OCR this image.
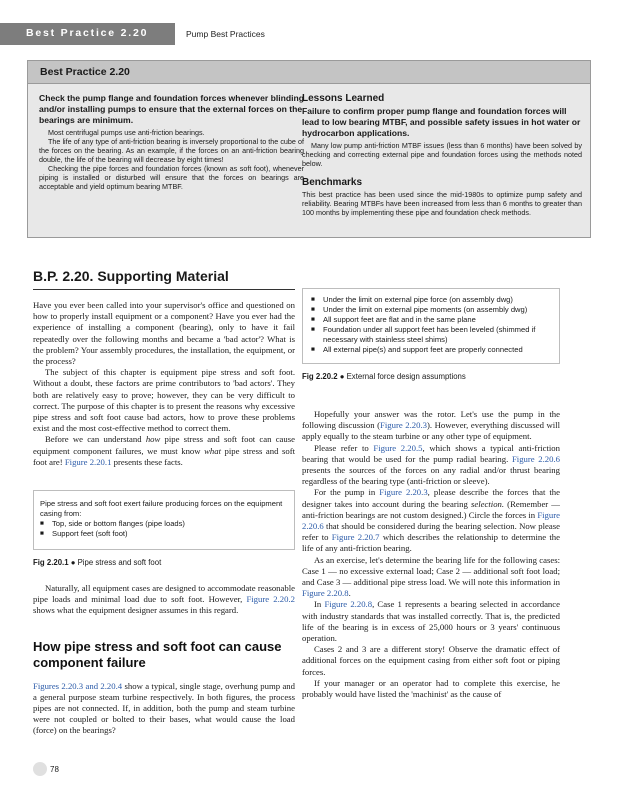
Best Practice 2.20	Pump Best Practices
Best Practice 2.20

Check the pump flange and foundation forces whenever blinding and/or installing pumps to ensure that the external forces on the bearings are minimum.

Most centrifugal pumps use anti-friction bearings.

The life of any type of anti-friction bearing is inversely proportional to the cube of the forces on the bearing. As an example, if the forces on an anti-friction bearing double, the life of the bearing will decrease by eight times!

Checking the pipe forces and foundation forces (known as soft foot), whenever piping is installed or disturbed will ensure that the forces on bearings are acceptable and yield optimum bearing MTBF.

Lessons Learned

Failure to confirm proper pump flange and foundation forces will lead to low bearing MTBF, and possible safety issues in hot water or hydrocarbon applications.

Many low pump anti-friction MTBF issues (less than 6 months) have been solved by checking and correcting external pipe and foundation forces using the methods noted below.

Benchmarks

This best practice has been used since the mid-1980s to optimize pump safety and reliability. Bearing MTBFs have been increased from less than 6 months to greater than 100 months by implementing these pipe and foundation check methods.

B.P. 2.20. Supporting Material

Have you ever been called into your supervisor's office and questioned on how to properly install equipment or a component? Have you ever had the experience of installing a component (bearing), only to have it fail repeatedly over the following months and became a 'bad actor'? What is the problem? Your assembly procedures, the installation, the equipment, or the process?

The subject of this chapter is equipment pipe stress and soft foot. Without a doubt, these factors are prime contributors to 'bad actors'. They both are relatively easy to prove; however, they can be very difficult to correct. The purpose of this chapter is to present the reasons why excessive pipe stress and soft foot cause bad actors, how to prove these problems exist and the most cost-effective method to correct them.

Before we can understand how pipe stress and soft foot can cause equipment component failures, we must know what pipe stress and soft foot are! Figure 2.20.1 presents these facts.

Pipe stress and soft foot exert failure producing forces on the equipment casing from:
■ Top, side or bottom flanges (pipe loads)
■ Support feet (soft foot)

Fig 2.20.1 ● Pipe stress and soft foot

Naturally, all equipment cases are designed to accommodate reasonable pipe loads and minimal load due to soft foot. However, Figure 2.20.2 shows what the equipment designer assumes in this regard.

How pipe stress and soft foot can cause component failure

Figures 2.20.3 and 2.20.4 show a typical, single stage, overhung pump and a general purpose steam turbine respectively. In both figures, the process pipes are not connected. If, in addition, both the pump and steam turbine were not coupled or bolted to their bases, what would cause the load (force) on the bearings?

■ Under the limit on external pipe force (on assembly dwg)
■ Under the limit on external pipe moments (on assembly dwg)
■ All support feet are flat and in the same plane
■ Foundation under all support feet has been leveled (shimmed if necessary with stainless steel shims)
■ All external pipe(s) and support feet are properly connected

Fig 2.20.2 ● External force design assumptions

Hopefully your answer was the rotor. Let's use the pump in the following discussion (Figure 2.20.3). However, everything discussed will apply equally to the steam turbine or any other type of equipment.

Please refer to Figure 2.20.5, which shows a typical anti-friction bearing that would be used for the pump radial bearing. Figure 2.20.6 presents the sources of the forces on any radial and/or thrust bearing regardless of the bearing type (anti-friction or sleeve).

For the pump in Figure 2.20.3, please describe the forces that the designer takes into account during the bearing selection. (Remember — anti-friction bearings are not custom designed.) Circle the forces in Figure 2.20.6 that should be considered during the bearing selection. Now please refer to Figure 2.20.7 which describes the relationship to determine the life of any anti-friction bearing.

As an exercise, let's determine the bearing life for the following cases: Case 1 — no excessive external load; Case 2 — additional soft foot load; and Case 3 — additional pipe stress load. We will note this information in Figure 2.20.8.

In Figure 2.20.8, Case 1 represents a bearing selected in accordance with industry standards that was installed correctly. That is, the predicted life of the bearing is in excess of 25,000 hours or 3 years' continuous operation.

Cases 2 and 3 are a different story! Observe the dramatic effect of additional forces on the equipment casing from either soft foot or piping forces.

If your manager or an operator had to complete this exercise, he probably would have listed the 'machinist' as the cause of

78
